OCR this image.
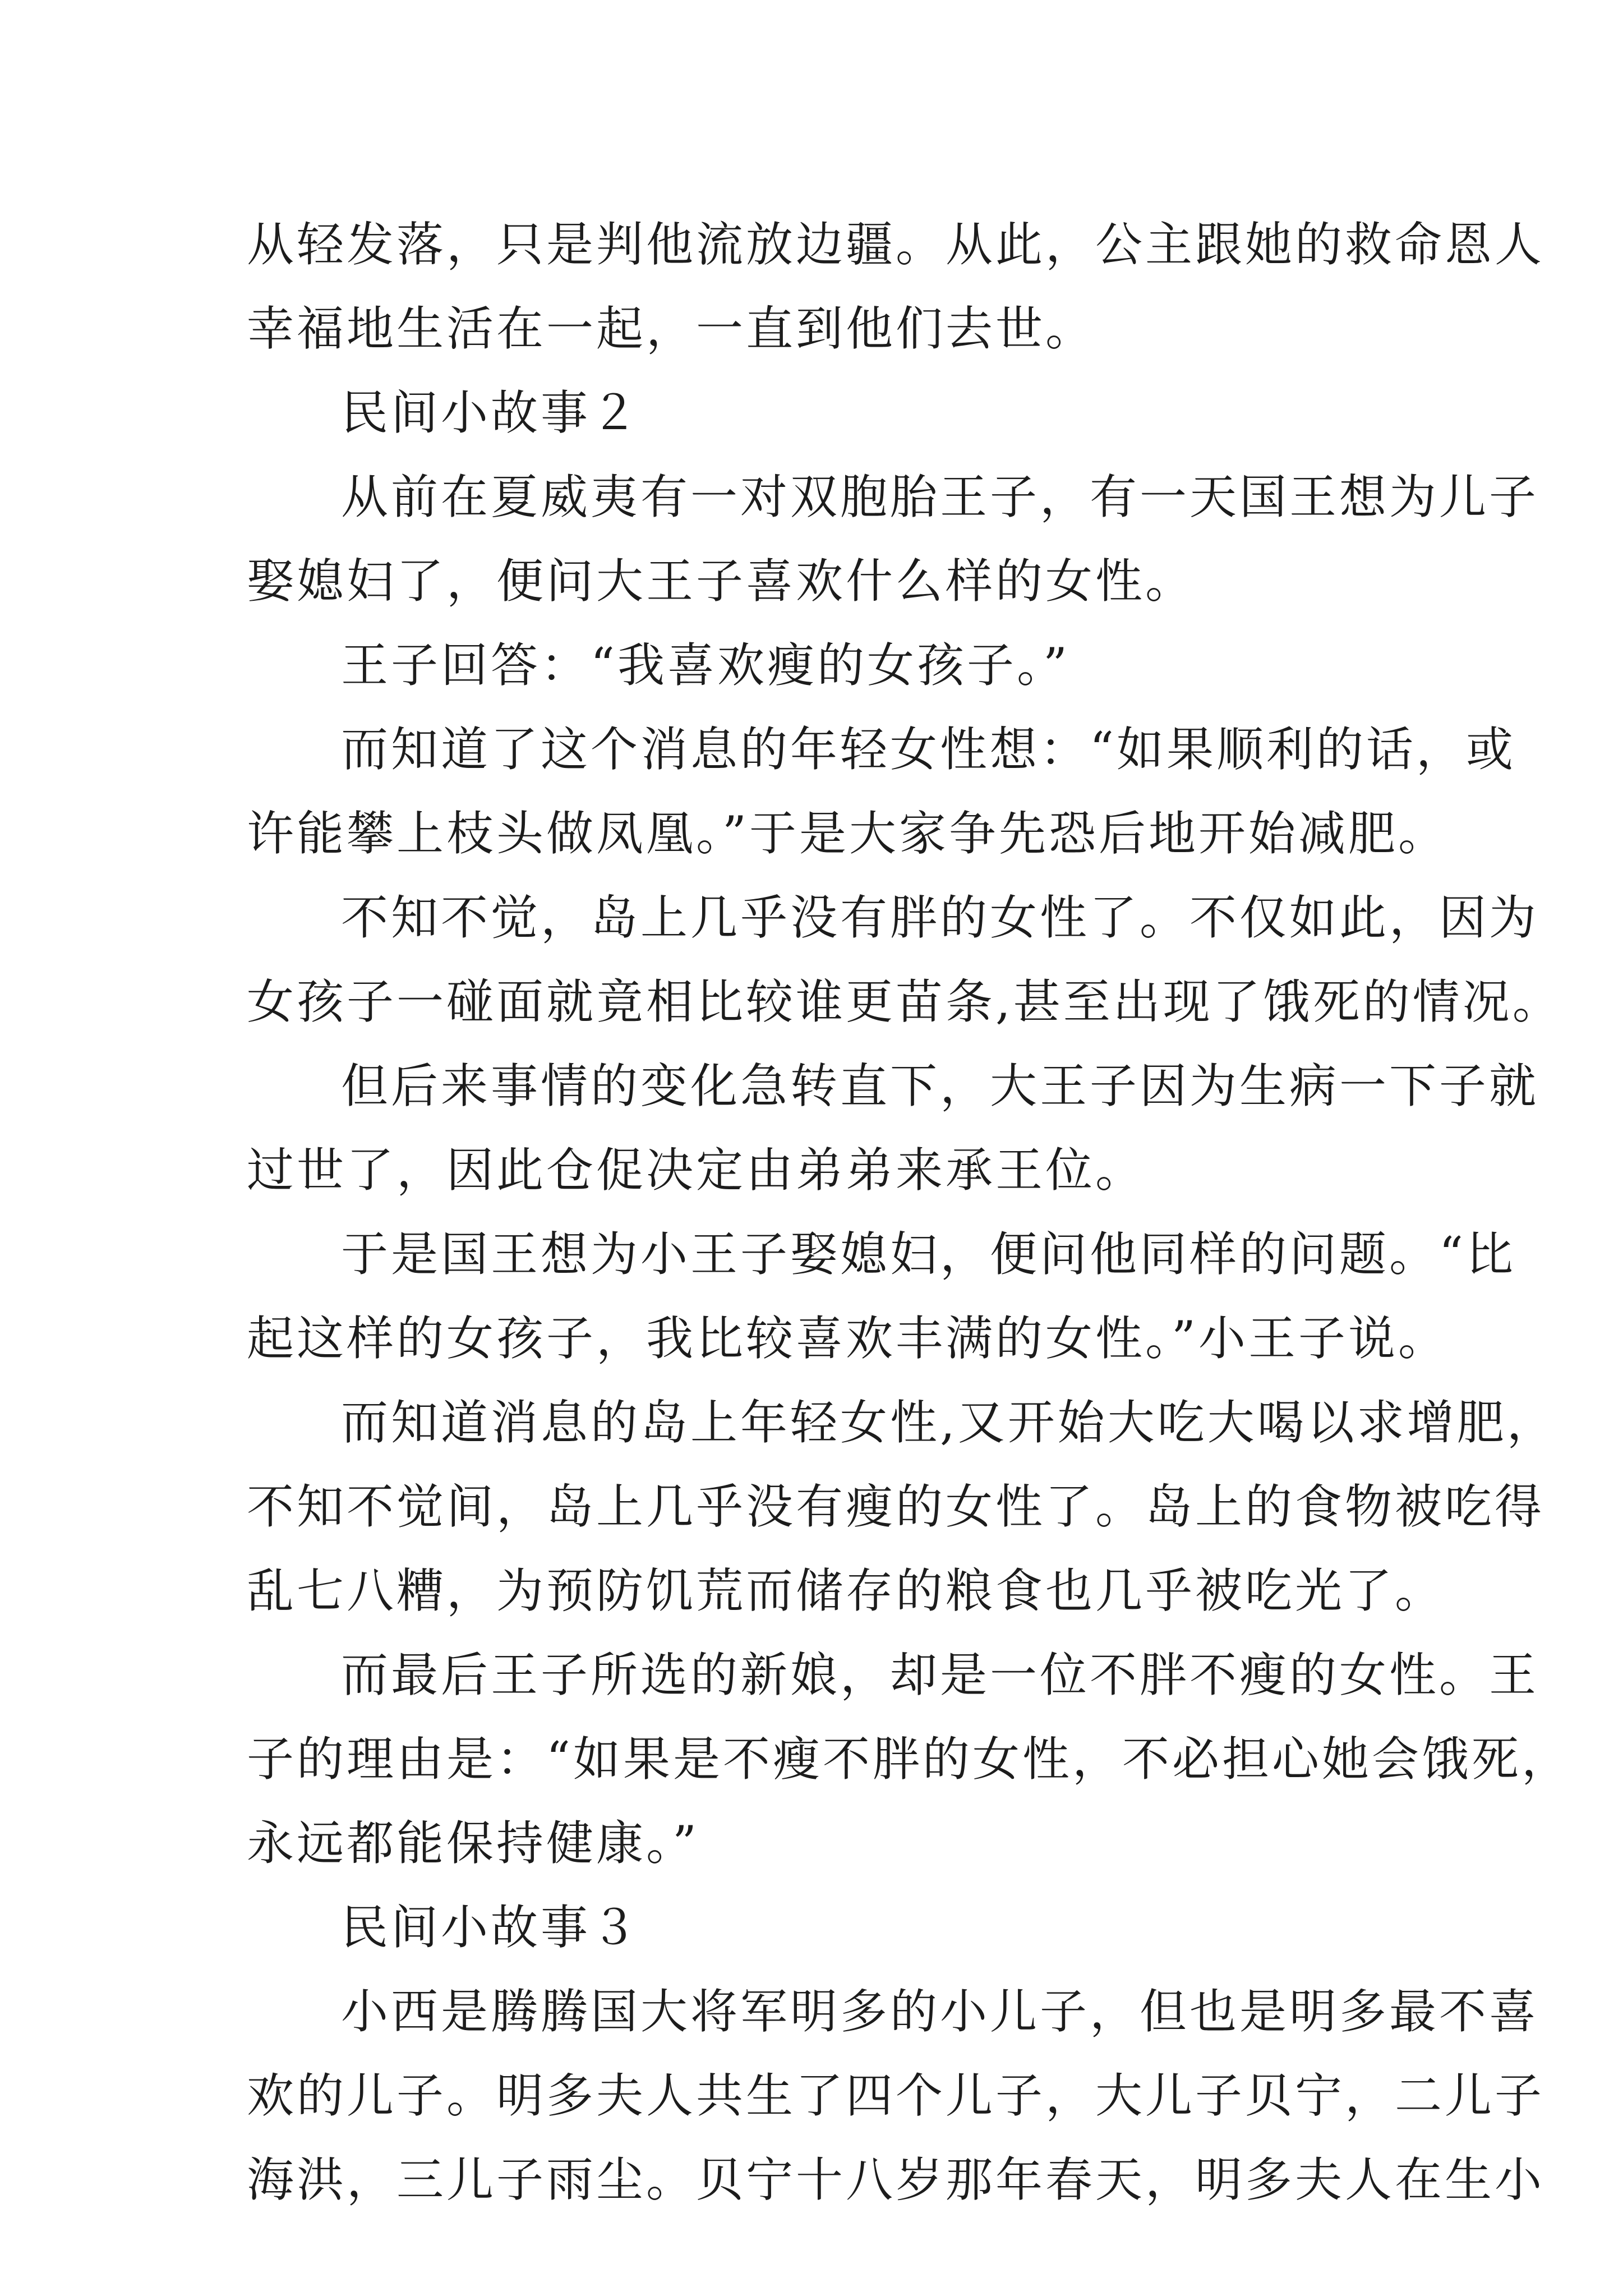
从轻发落，只是判他流放边疆。从此，公主跟她的救命恩人
幸福地生活在一起，一直到他们去世。
民间小故事２
从前在夏威夷有一对双胞胎王子，有一天国王想为儿子
娶媳妇了，便问大王子喜欢什么样的女性。
王子回答：“我喜欢瘦的女孩子。”
而知道了这个消息的年轻女性想：“如果顺利的话，或
许能攀上枝头做凤凰。”于是大家争先恐后地开始减肥。
不知不觉，岛上几乎没有胖的女性了。不仅如此，因为
女孩子一碰面就竟相比较谁更苗条,甚至出现了饿死的情况。
但后来事情的变化急转直下，大王子因为生病一下子就
过世了，因此仓促决定由弟弟来承王位。
于是国王想为小王子娶媳妇，便问他同样的问题。“比
起这样的女孩子，我比较喜欢丰满的女性。”小王子说。
而知道消息的岛上年轻女性,又开始大吃大喝以求增肥，
不知不觉间，岛上几乎没有瘦的女性了。岛上的食物被吃得
乱七八糟，为预防饥荒而储存的粮食也几乎被吃光了。
而最后王子所选的新娘，却是一位不胖不瘦的女性。王
子的理由是：“如果是不瘦不胖的女性，不必担心她会饿死，
永远都能保持健康。”
民间小故事３
小西是腾腾国大将军明多的小儿子，但也是明多最不喜
欢的儿子。明多夫人共生了四个儿子，大儿子贝宁，二儿子
海洪，三儿子雨尘。贝宁十八岁那年春天，明多夫人在生小
